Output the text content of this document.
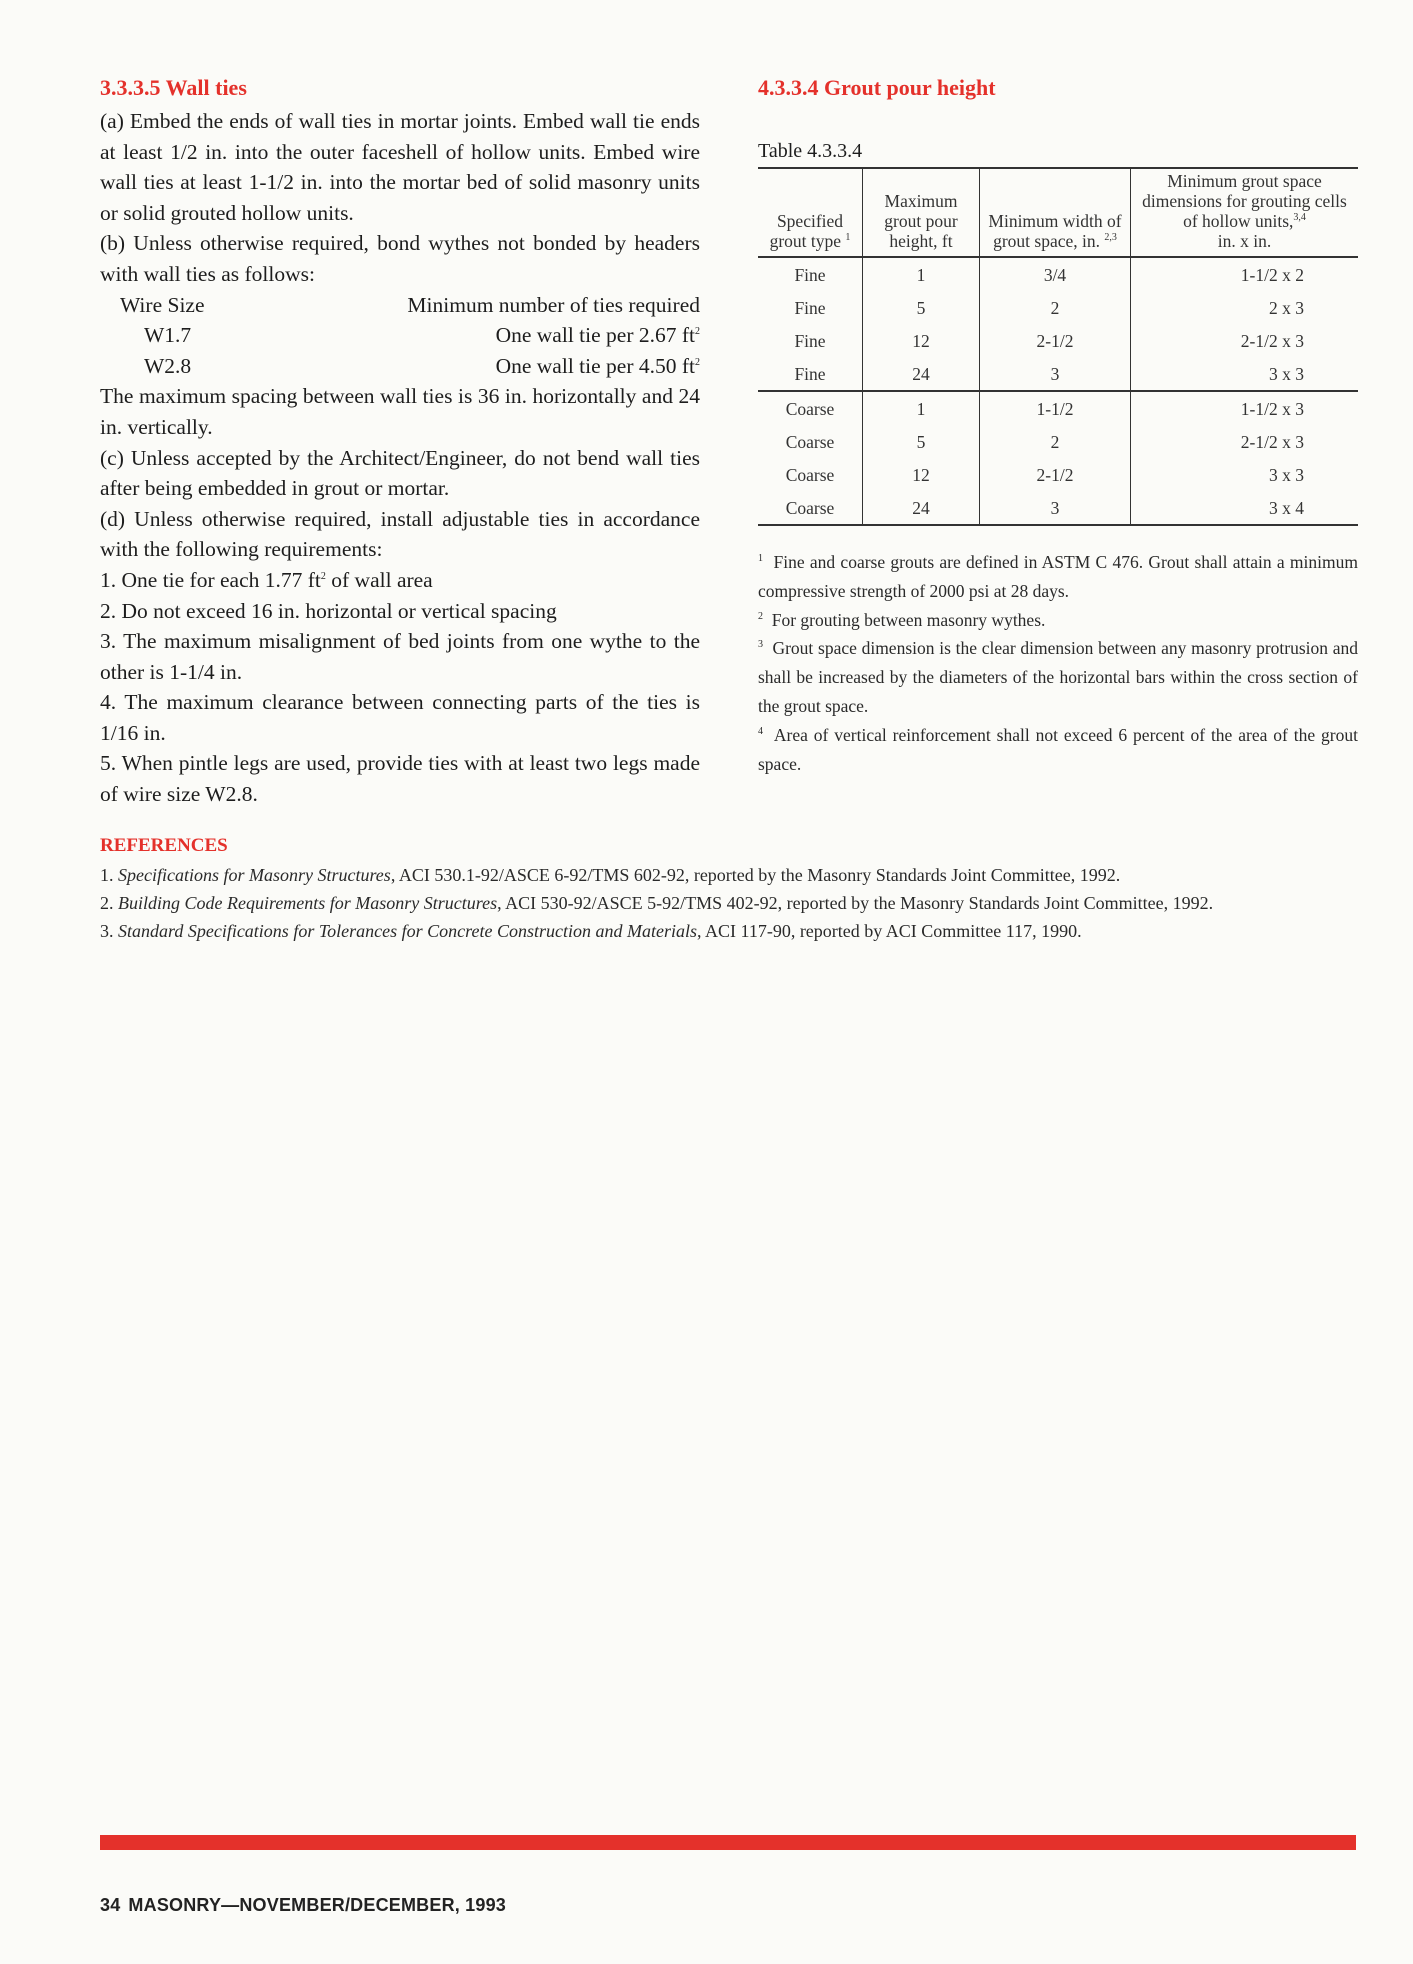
3.3.3.5 Wall ties

(a) Embed the ends of wall ties in mortar joints. Embed wall tie ends at least 1/2 in. into the outer faceshell of hollow units. Embed wire wall ties at least 1-1/2 in. into the mortar bed of solid masonry units or solid grouted hollow units.

(b) Unless otherwise required, bond wythes not bonded by headers with wall ties as follows:

Wire Size	Minimum number of ties required
W1.7	One wall tie per 2.67 $ft^2$
W2.8	One wall tie per 4.50 $ft^2$

The maximum spacing between wall ties is 36 in. horizontally and 24 in. vertically.

(c) Unless accepted by the Architect/Engineer, do not bend wall ties after being embedded in grout or mortar.

(d) Unless otherwise required, install adjustable ties in accordance with the following requirements:

1. One tie for each 1.77 $ft^2$ of wall area

2. Do not exceed 16 in. horizontal or vertical spacing

3. The maximum misalignment of bed joints from one wythe to the other is 1-1/4 in.

4. The maximum clearance between connecting parts of the ties is 1/16 in.

5. When pintle legs are used, provide ties with at least two legs made of wire size W2.8.

4.3.3.4 Grout pour height
Table 4.3.3.4
Specified grout type $^1$	Maximum grout pour height, ft	Minimum width of grout space, in. $^{2,3}$	Minimum grout space dimensions for grouting cells of hollow units,$^{3,4}$
in. x in.
Fine	1	3/4	1-1/2 x 2
Fine	5	2	2 x 3
Fine	12	2-1/2	2-1/2 x 3
Fine	24	3	3 x 3
Coarse	1	1-1/2	1-1/2 x 3
Coarse	5	2	2-1/2 x 3
Coarse	12	2-1/2	3 x 3
Coarse	24	3	3 x 4

$^1$ Fine and coarse grouts are defined in ASTM C 476. Grout shall attain a minimum compressive strength of 2000 psi at 28 days.

$^2$ For grouting between masonry wythes.

$^3$ Grout space dimension is the clear dimension between any masonry protrusion and shall be increased by the diameters of the horizontal bars within the cross section of the grout space.

$^4$ Area of vertical reinforcement shall not exceed 6 percent of the area of the grout space.

REFERENCES

1. Specifications for Masonry Structures, ACI 530.1-92/ASCE 6-92/TMS 602-92, reported by the Masonry Standards Joint Committee, 1992.

2. Building Code Requirements for Masonry Structures, ACI 530-92/ASCE 5-92/TMS 402-92, reported by the Masonry Standards Joint Committee, 1992.

3. Standard Specifications for Tolerances for Concrete Construction and Materials, ACI 117-90, reported by ACI Committee 117, 1990.

34 MASONRY—NOVEMBER/DECEMBER, 1993
